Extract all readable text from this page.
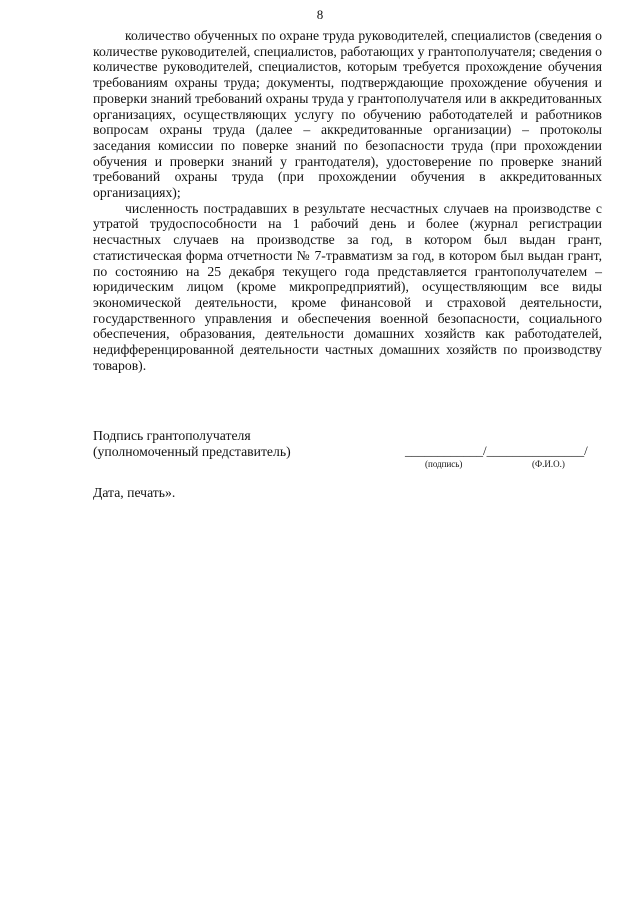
8

количество обученных по охране труда руководителей, специалистов (сведения о количестве руководителей, специалистов, работающих у грантополучателя; сведения о количестве руководителей, специалистов, которым требуется прохождение обучения требованиям охраны труда; документы, подтверждающие прохождение обучения и проверки знаний требований охраны труда у грантополучателя или в аккредитованных организациях, осуществляющих услугу по обучению работодателей и работников вопросам охраны труда (далее – аккредитованные организации) – протоколы заседания комиссии по поверке знаний по безопасности труда (при прохождении обучения и проверки знаний у грантодателя), удостоверение по проверке знаний требований охраны труда (при прохождении обучения в аккредитованных организациях);

численность пострадавших в результате несчастных случаев на производстве с утратой трудоспособности на 1 рабочий день и более (журнал регистрации несчастных случаев на производстве за год, в котором был выдан грант, статистическая форма отчетности № 7-травматизм за год, в котором был выдан грант, по состоянию на 25 декабря текущего года представляется грантополучателем – юридическим лицом (кроме микропредприятий), осуществляющим все виды экономической деятельности, кроме финансовой и страховой деятельности, государственного управления и обеспечения военной безопасности, социального обеспечения, образования, деятельности домашних хозяйств как работодателей, недифференцированной деятельности частных домашних хозяйств по производству товаров).

Подпись грантополучателя
(уполномоченный представитель)	____________/_______________/
(подпись)	(Ф.И.О.)
Дата, печать».
